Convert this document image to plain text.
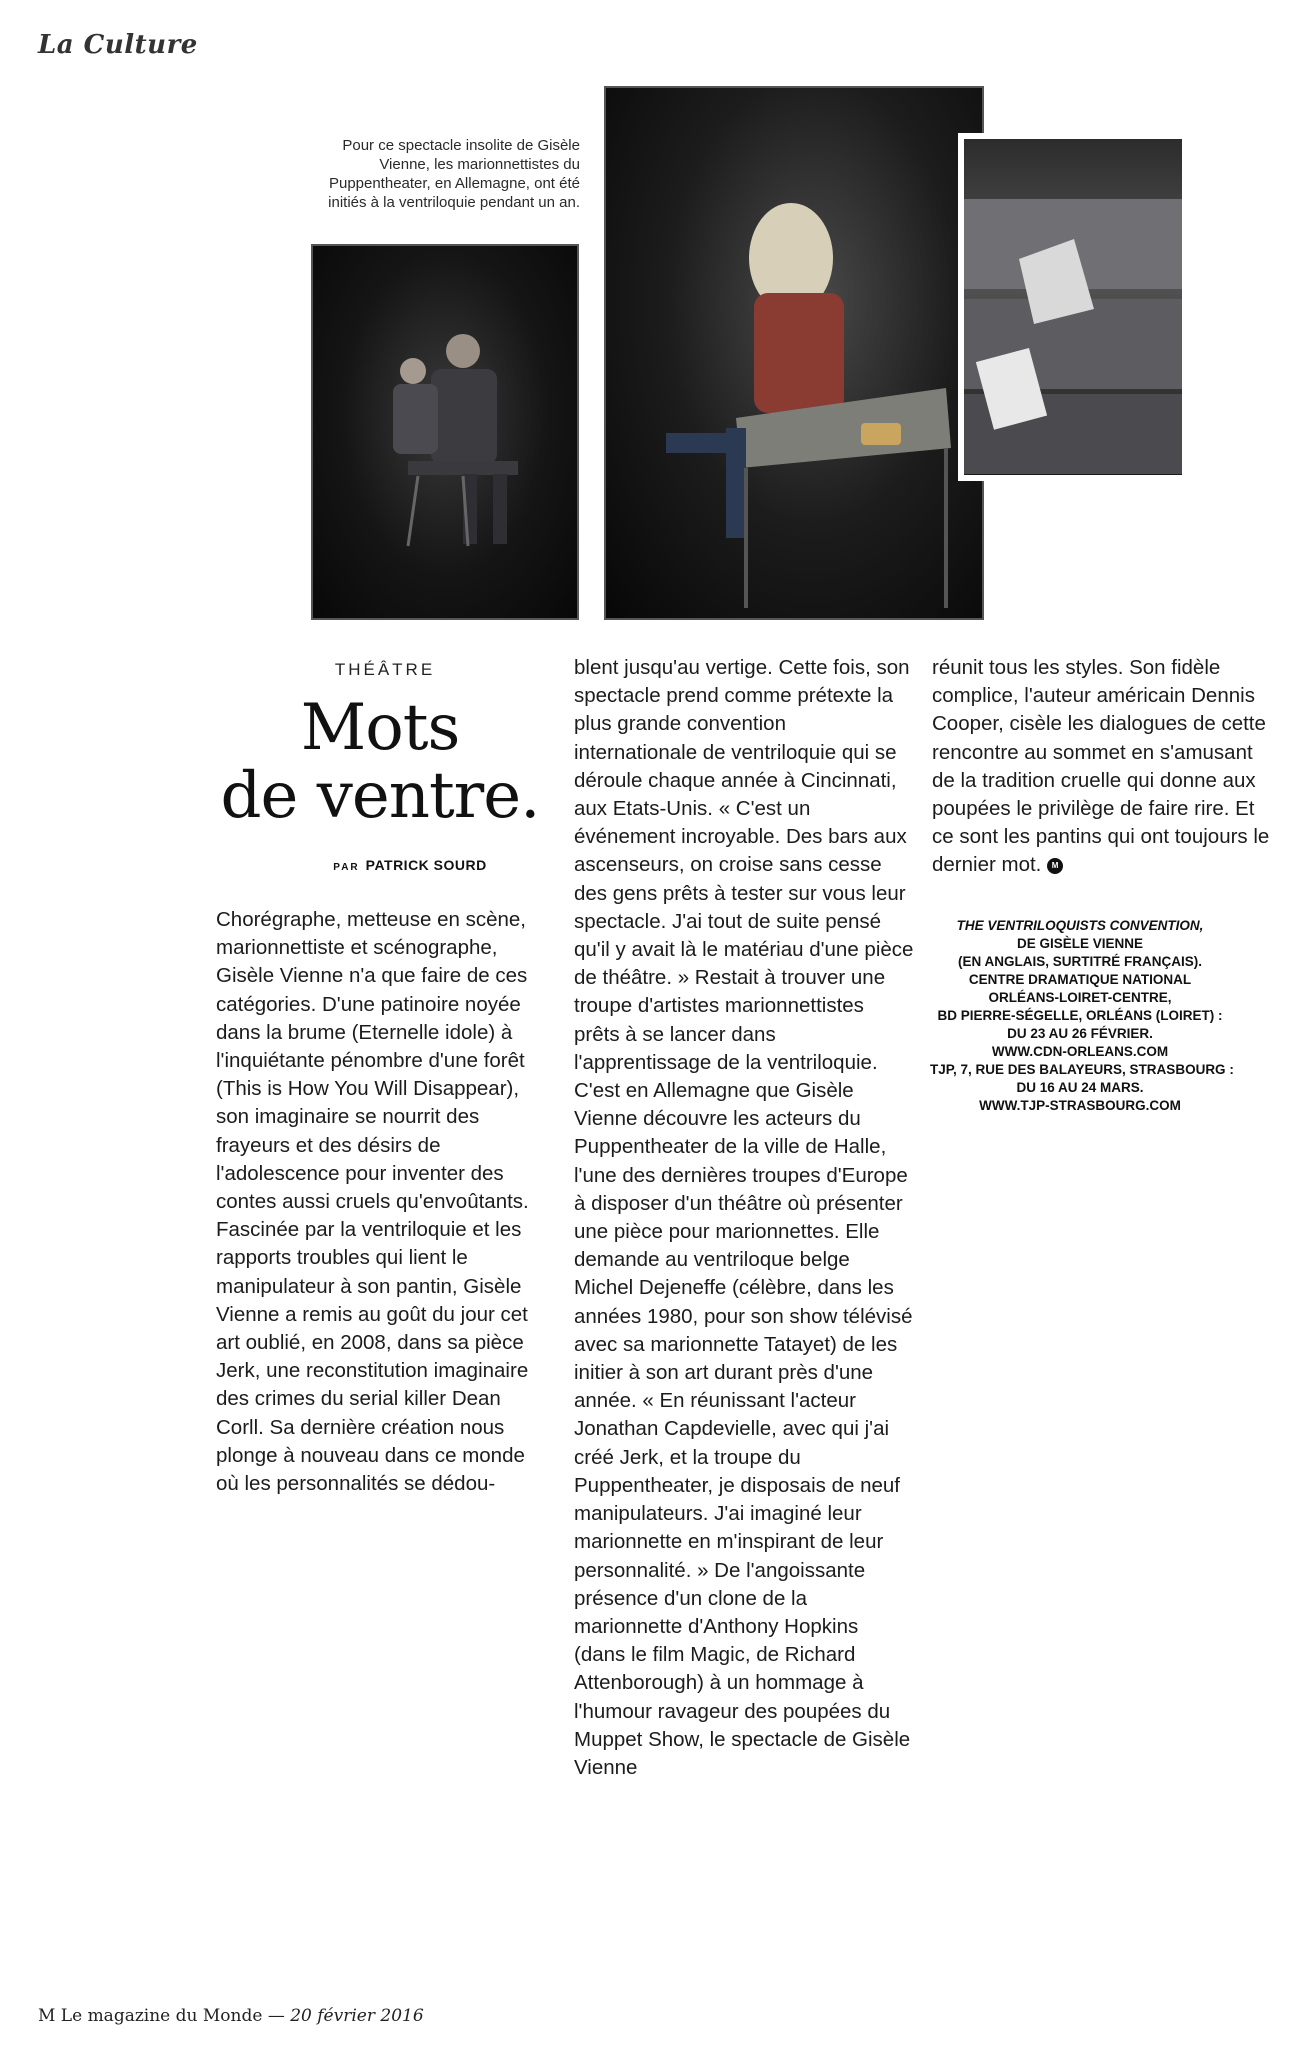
La Culture
Pour ce spectacle insolite de Gisèle Vienne, les marionnettistes du Puppentheater, en Allemagne, ont été initiés à la ventriloquie pendant un an.
THÉÂTRE
Mots
de ventre.
PAR PATRICK SOURD

Chorégraphe, metteuse en scène, marionnettiste et scénographe, Gisèle Vienne n'a que faire de ces catégories. D'une patinoire noyée dans la brume (Eternelle idole) à l'inquiétante pénombre d'une forêt (This is How You Will Disappear), son imaginaire se nourrit des frayeurs et des désirs de l'adolescence pour inventer des contes aussi cruels qu'envoûtants. Fascinée par la ventriloquie et les rapports troubles qui lient le manipulateur à son pantin, Gisèle Vienne a remis au goût du jour cet art oublié, en 2008, dans sa pièce Jerk, une reconstitution imaginaire des crimes du serial killer Dean Corll. Sa dernière création nous plonge à nouveau dans ce monde où les personnalités se dédou-

blent jusqu'au vertige. Cette fois, son spectacle prend comme prétexte la plus grande convention internationale de ventriloquie qui se déroule chaque année à Cincinnati, aux Etats-Unis. « C'est un événement incroyable. Des bars aux ascenseurs, on croise sans cesse des gens prêts à tester sur vous leur spectacle. J'ai tout de suite pensé qu'il y avait là le matériau d'une pièce de théâtre. » Restait à trouver une troupe d'artistes marionnettistes prêts à se lancer dans l'apprentissage de la ventriloquie. C'est en Allemagne que Gisèle Vienne découvre les acteurs du Puppentheater de la ville de Halle, l'une des dernières troupes d'Europe à disposer d'un théâtre où présenter une pièce pour marionnettes. Elle demande au ventriloque belge Michel Dejeneffe (célèbre, dans les années 1980, pour son show télévisé avec sa marionnette Tatayet) de les initier à son art durant près d'une année. « En réunissant l'acteur Jonathan Capdevielle, avec qui j'ai créé Jerk, et la troupe du Puppentheater, je disposais de neuf manipulateurs. J'ai imaginé leur marionnette en m'inspirant de leur personnalité. » De l'angoissante présence d'un clone de la marionnette d'Anthony Hopkins (dans le film Magic, de Richard Attenborough) à un hommage à l'humour ravageur des poupées du Muppet Show, le spectacle de Gisèle Vienne

réunit tous les styles. Son fidèle complice, l'auteur américain Dennis Cooper, cisèle les dialogues de cette rencontre au sommet en s'amusant de la tradition cruelle qui donne aux poupées le privilège de faire rire. Et ce sont les pantins qui ont toujours le dernier mot. M

THE VENTRILOQUISTS CONVENTION,
DE GISÈLE VIENNE
(EN ANGLAIS, SURTITRÉ FRANÇAIS).
CENTRE DRAMATIQUE NATIONAL
ORLÉANS-LOIRET-CENTRE,
BD PIERRE-SÉGELLE, ORLÉANS (LOIRET) :
DU 23 AU 26 FÉVRIER.
WWW.CDN-ORLEANS.COM
TJP, 7, RUE DES BALAYEURS, STRASBOURG :
DU 16 AU 24 MARS.
WWW.TJP-STRASBOURG.COM
M Le magazine du Monde — 20 février 2016
